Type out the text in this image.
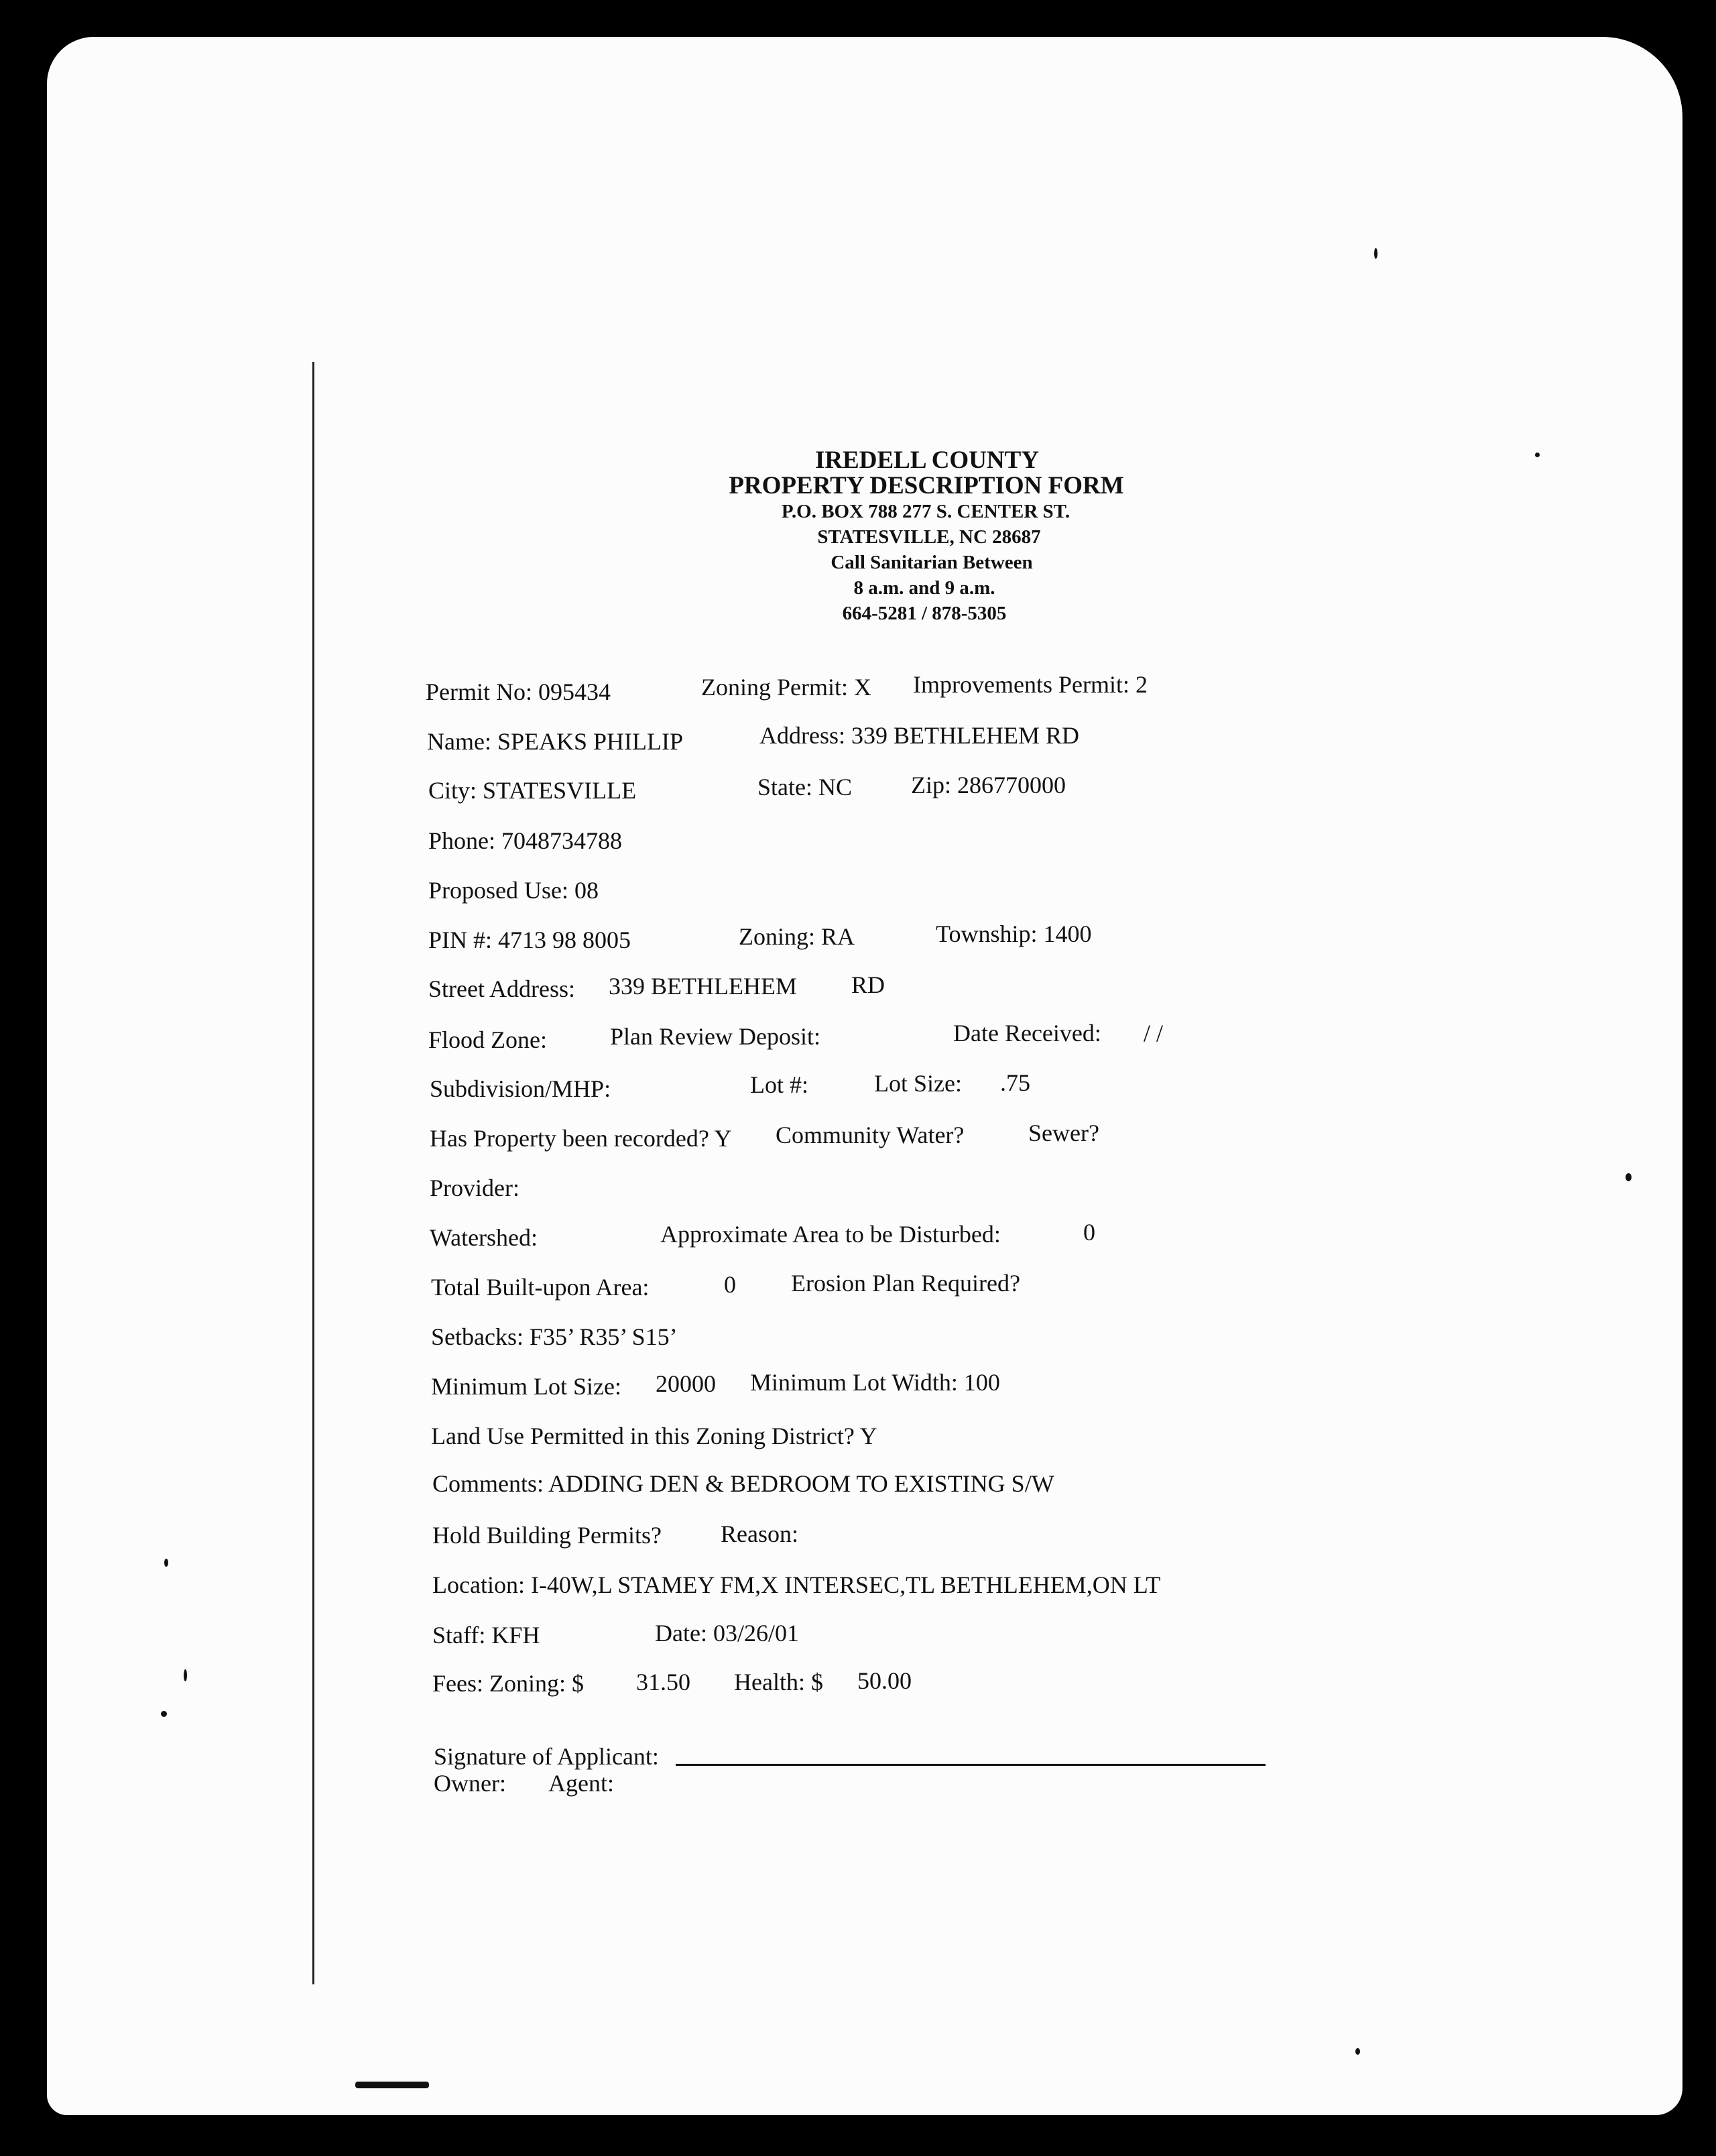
IREDELL COUNTY
PROPERTY DESCRIPTION FORM
P.O. BOX 788 277 S. CENTER ST.
STATESVILLE, NC 28687
Call Sanitarian Between
8 a.m. and 9 a.m.
664-5281 / 878-5305
Permit No: 095434	Zoning Permit: X Improvements Permit: 2
Name: SPEAKS PHILLIP	Address: 339 BETHLEHEM RD
City: STATESVILLE	State: NC Zip: 286770000
Phone: 7048734788
Proposed Use: 08
PIN #: 4713 98 8005	Zoning: RA	Township: 1400
Street Address: 339 BETHLEHEM RD
Flood Zone:	Plan Review Deposit:	Date Received: / /
Subdivision/MHP:	Lot #:	Lot Size: .75
Has Property been recorded? Y Community Water?	Sewer?
Provider:
Watershed:	Approximate Area to be Disturbed:	0
Total Built-upon Area:	0 Erosion Plan Required?
Setbacks: F35’ R35’ S15’
Minimum Lot Size: 20000 Minimum Lot Width: 100
Land Use Permitted in this Zoning District? Y
Comments: ADDING DEN & BEDROOM TO EXISTING S/W
Hold Building Permits? Reason:
Location: I-40W,L STAMEY FM,X INTERSEC,TL BETHLEHEM,ON LT
Staff: KFH	Date: 03/26/01
Fees: Zoning: $ 31.50 Health: $ 50.00
Signature of Applicant:
Owner: Agent:
